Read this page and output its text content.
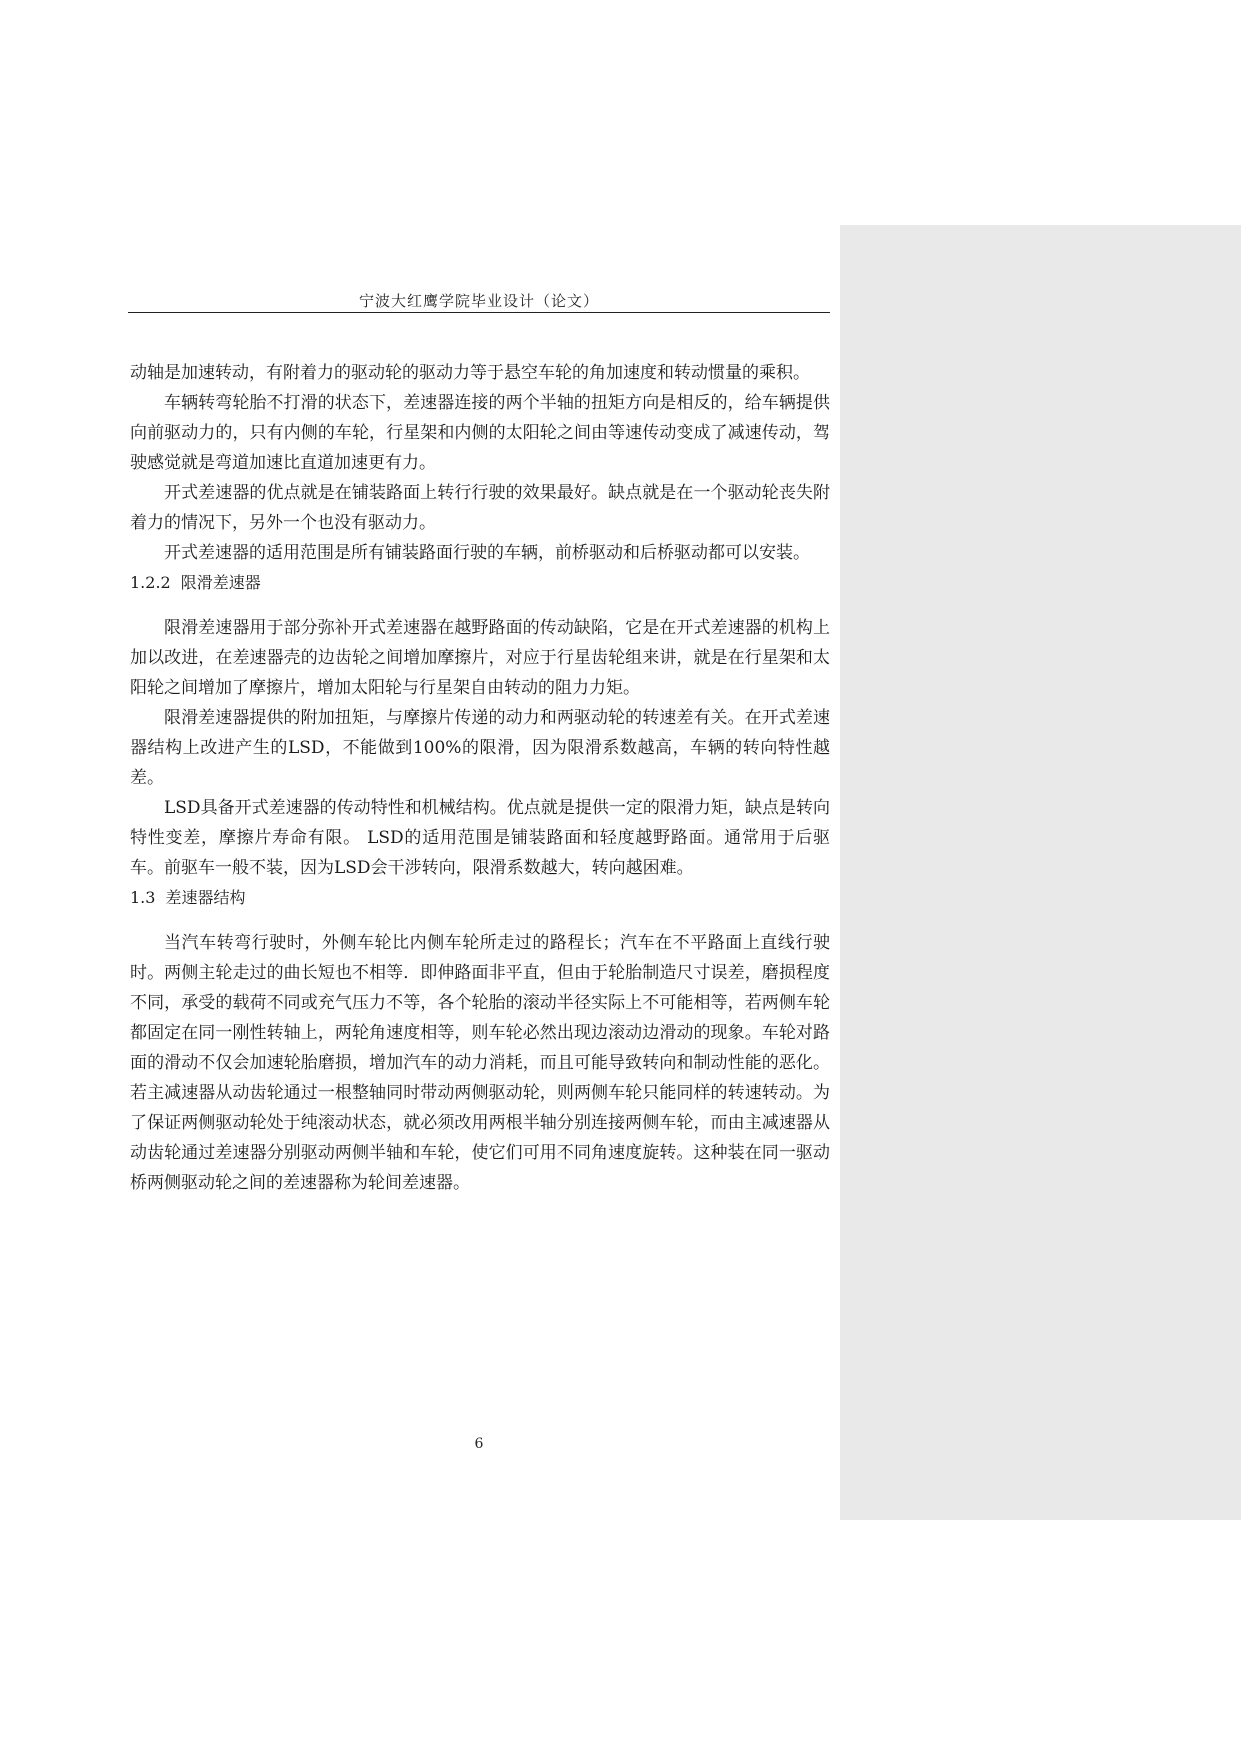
宁波大红鹰学院毕业设计（论文）

动轴是加速转动，有附着力的驱动轮的驱动力等于悬空车轮的角加速度和转动惯量的乘积。

车辆转弯轮胎不打滑的状态下，差速器连接的两个半轴的扭矩方向是相反的，给车辆提供向前驱动力的，只有内侧的车轮，行星架和内侧的太阳轮之间由等速传动变成了减速传动，驾驶感觉就是弯道加速比直道加速更有力。

开式差速器的优点就是在铺装路面上转行行驶的效果最好。缺点就是在一个驱动轮丧失附着力的情况下，另外一个也没有驱动力。

开式差速器的适用范围是所有铺装路面行驶的车辆，前桥驱动和后桥驱动都可以安装。

1.2.2 限滑差速器

限滑差速器用于部分弥补开式差速器在越野路面的传动缺陷，它是在开式差速器的机构上加以改进，在差速器壳的边齿轮之间增加摩擦片，对应于行星齿轮组来讲，就是在行星架和太阳轮之间增加了摩擦片，增加太阳轮与行星架自由转动的阻力力矩。

限滑差速器提供的附加扭矩，与摩擦片传递的动力和两驱动轮的转速差有关。在开式差速器结构上改进产生的LSD，不能做到100%的限滑，因为限滑系数越高，车辆的转向特性越差。

LSD具备开式差速器的传动特性和机械结构。优点就是提供一定的限滑力矩，缺点是转向特性变差，摩擦片寿命有限。 LSD的适用范围是铺装路面和轻度越野路面。通常用于后驱车。前驱车一般不装，因为LSD会干涉转向，限滑系数越大，转向越困难。

1.3 差速器结构

当汽车转弯行驶时，外侧车轮比内侧车轮所走过的路程长；汽车在不平路面上直线行驶时。两侧主轮走过的曲长短也不相等．即伸路面非平直，但由于轮胎制造尺寸误差，磨损程度不同，承受的载荷不同或充气压力不等，各个轮胎的滚动半径实际上不可能相等，若两侧车轮都固定在同一刚性转轴上，两轮角速度相等，则车轮必然出现边滚动边滑动的现象。车轮对路面的滑动不仅会加速轮胎磨损，增加汽车的动力消耗，而且可能导致转向和制动性能的恶化。若主减速器从动齿轮通过一根整轴同时带动两侧驱动轮，则两侧车轮只能同样的转速转动。为了保证两侧驱动轮处于纯滚动状态，就必须改用两根半轴分别连接两侧车轮，而由主减速器从动齿轮通过差速器分别驱动两侧半轴和车轮，使它们可用不同角速度旋转。这种装在同一驱动桥两侧驱动轮之间的差速器称为轮间差速器。

6
